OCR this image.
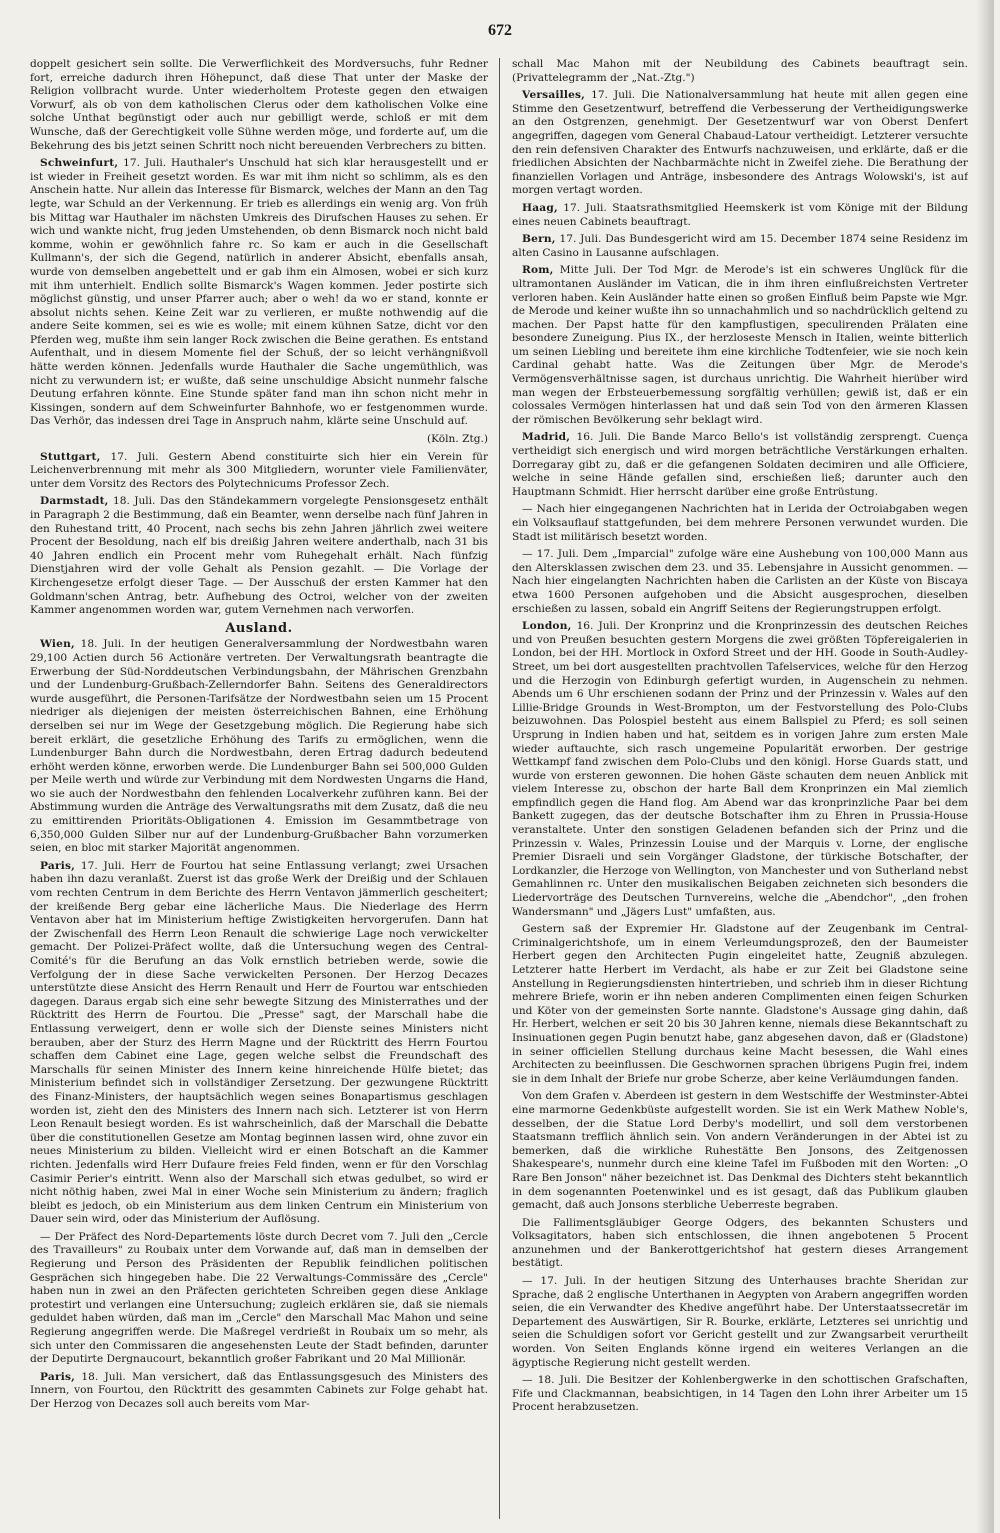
672

doppelt gesichert sein sollte. Die Verwerflichkeit des Mordversuchs, fuhr Redner fort, erreiche dadurch ihren Höhepunct, daß diese That unter der Maske der Religion vollbracht wurde. Unter wiederholtem Proteste gegen den etwaigen Vorwurf, als ob von dem katholischen Clerus oder dem katholischen Volke eine solche Unthat begünstigt oder auch nur gebilligt werde, schloß er mit dem Wunsche, daß der Gerechtigkeit volle Sühne werden möge, und forderte auf, um die Bekehrung des bis jetzt seinen Schritt noch nicht bereuenden Verbrechers zu bitten.

Schweinfurt, 17. Juli. Hauthaler's Unschuld hat sich klar herausgestellt und er ist wieder in Freiheit gesetzt worden. Es war mit ihm nicht so schlimm, als es den Anschein hatte. Nur allein das Interesse für Bismarck, welches der Mann an den Tag legte, war Schuld an der Verkennung. Er trieb es allerdings ein wenig arg. Von früh bis Mittag war Hauthaler im nächsten Umkreis des Dirufschen Hauses zu sehen. Er wich und wankte nicht, frug jeden Umstehenden, ob denn Bismarck noch nicht bald komme, wohin er gewöhnlich fahre rc. So kam er auch in die Gesellschaft Kullmann's, der sich die Gegend, natürlich in anderer Absicht, ebenfalls ansah, wurde von demselben angebettelt und er gab ihm ein Almosen, wobei er sich kurz mit ihm unterhielt. Endlich sollte Bismarck's Wagen kommen. Jeder postirte sich möglichst günstig, und unser Pfarrer auch; aber o weh! da wo er stand, konnte er absolut nichts sehen. Keine Zeit war zu verlieren, er mußte nothwendig auf die andere Seite kommen, sei es wie es wolle; mit einem kühnen Satze, dicht vor den Pferden weg, mußte ihm sein langer Rock zwischen die Beine gerathen. Es entstand Aufenthalt, und in diesem Momente fiel der Schuß, der so leicht verhängnißvoll hätte werden können. Jedenfalls wurde Hauthaler die Sache ungemüthlich, was nicht zu verwundern ist; er wußte, daß seine unschuldige Absicht nunmehr falsche Deutung erfahren könnte. Eine Stunde später fand man ihn schon nicht mehr in Kissingen, sondern auf dem Schweinfurter Bahnhofe, wo er festgenommen wurde. Das Verhör, das indessen drei Tage in Anspruch nahm, klärte seine Unschuld auf.

(Köln. Ztg.)

Stuttgart, 17. Juli. Gestern Abend constituirte sich hier ein Verein für Leichenverbrennung mit mehr als 300 Mitgliedern, worunter viele Familienväter, unter dem Vorsitz des Rectors des Polytechnicums Professor Zech.

Darmstadt, 18. Juli. Das den Ständekammern vorgelegte Pensionsgesetz enthält in Paragraph 2 die Bestimmung, daß ein Beamter, wenn derselbe nach fünf Jahren in den Ruhestand tritt, 40 Procent, nach sechs bis zehn Jahren jährlich zwei weitere Procent der Besoldung, nach elf bis dreißig Jahren weitere anderthalb, nach 31 bis 40 Jahren endlich ein Procent mehr vom Ruhegehalt erhält. Nach fünfzig Dienstjahren wird der volle Gehalt als Pension gezahlt. — Die Vorlage der Kirchengesetze erfolgt dieser Tage. — Der Ausschuß der ersten Kammer hat den Goldmann'schen Antrag, betr. Aufhebung des Octroi, welcher von der zweiten Kammer angenommen worden war, gutem Vernehmen nach verworfen.

Ausland.

Wien, 18. Juli. In der heutigen Generalversammlung der Nordwestbahn waren 29,100 Actien durch 56 Actionäre vertreten. Der Verwaltungsrath beantragte die Erwerbung der Süd-Norddeutschen Verbindungsbahn, der Mährischen Grenzbahn und der Lundenburg-Grußbach-Zellerndorfer Bahn. Seitens des Generaldirectors wurde ausgeführt, die Personen-Tarifsätze der Nordwestbahn seien um 15 Procent niedriger als diejenigen der meisten österreichischen Bahnen, eine Erhöhung derselben sei nur im Wege der Gesetzgebung möglich. Die Regierung habe sich bereit erklärt, die gesetzliche Erhöhung des Tarifs zu ermöglichen, wenn die Lundenburger Bahn durch die Nordwestbahn, deren Ertrag dadurch bedeutend erhöht werden könne, erworben werde. Die Lundenburger Bahn sei 500,000 Gulden per Meile werth und würde zur Verbindung mit dem Nordwesten Ungarns die Hand, wo sie auch der Nordwestbahn den fehlenden Localverkehr zuführen kann. Bei der Abstimmung wurden die Anträge des Verwaltungsraths mit dem Zusatz, daß die neu zu emittirenden Prioritäts-Obligationen 4. Emission im Gesammtbetrage von 6,350,000 Gulden Silber nur auf der Lundenburg-Grußbacher Bahn vorzumerken seien, en bloc mit starker Majorität angenommen.

Paris, 17. Juli. Herr de Fourtou hat seine Entlassung verlangt; zwei Ursachen haben ihn dazu veranlaßt. Zuerst ist das große Werk der Dreißig und der Schlauen vom rechten Centrum in dem Berichte des Herrn Ventavon jämmerlich gescheitert; der kreißende Berg gebar eine lächerliche Maus. Die Niederlage des Herrn Ventavon aber hat im Ministerium heftige Zwistigkeiten hervorgerufen. Dann hat der Zwischenfall des Herrn Leon Renault die schwierige Lage noch verwickelter gemacht. Der Polizei-Präfect wollte, daß die Untersuchung wegen des Central-Comité's für die Berufung an das Volk ernstlich betrieben werde, sowie die Verfolgung der in diese Sache verwickelten Personen. Der Herzog Decazes unterstützte diese Ansicht des Herrn Renault und Herr de Fourtou war entschieden dagegen. Daraus ergab sich eine sehr bewegte Sitzung des Ministerrathes und der Rücktritt des Herrn de Fourtou. Die „Presse" sagt, der Marschall habe die Entlassung verweigert, denn er wolle sich der Dienste seines Ministers nicht berauben, aber der Sturz des Herrn Magne und der Rücktritt des Herrn Fourtou schaffen dem Cabinet eine Lage, gegen welche selbst die Freundschaft des Marschalls für seinen Minister des Innern keine hinreichende Hülfe bietet; das Ministerium befindet sich in vollständiger Zersetzung. Der gezwungene Rücktritt des Finanz-Ministers, der hauptsächlich wegen seines Bonapartismus geschlagen worden ist, zieht den des Ministers des Innern nach sich. Letzterer ist von Herrn Leon Renault besiegt worden. Es ist wahrscheinlich, daß der Marschall die Debatte über die constitutionellen Gesetze am Montag beginnen lassen wird, ohne zuvor ein neues Ministerium zu bilden. Vielleicht wird er einen Botschaft an die Kammer richten. Jedenfalls wird Herr Dufaure freies Feld finden, wenn er für den Vorschlag Casimir Perier's eintritt. Wenn also der Marschall sich etwas gedulbet, so wird er nicht nöthig haben, zwei Mal in einer Woche sein Ministerium zu ändern; fraglich bleibt es jedoch, ob ein Ministerium aus dem linken Centrum ein Ministerium von Dauer sein wird, oder das Ministerium der Auflösung.

— Der Präfect des Nord-Departements löste durch Decret vom 7. Juli den „Cercle des Travailleurs" zu Roubaix unter dem Vorwande auf, daß man in demselben der Regierung und Person des Präsidenten der Republik feindlichen politischen Gesprächen sich hingegeben habe. Die 22 Verwaltungs-Commissäre des „Cercle" haben nun in zwei an den Präfecten gerichteten Schreiben gegen diese Anklage protestirt und verlangen eine Untersuchung; zugleich erklären sie, daß sie niemals geduldet haben würden, daß man im „Cercle" den Marschall Mac Mahon und seine Regierung angegriffen werde. Die Maßregel verdrießt in Roubaix um so mehr, als sich unter den Commissaren die angesehensten Leute der Stadt befinden, darunter der Deputirte Dergnaucourt, bekanntlich großer Fabrikant und 20 Mal Millionär.

Paris, 18. Juli. Man versichert, daß das Entlassungsgesuch des Ministers des Innern, von Fourtou, den Rücktritt des gesammten Cabinets zur Folge gehabt hat. Der Herzog von Decazes soll auch bereits vom Mar-

schall Mac Mahon mit der Neubildung des Cabinets beauftragt sein. (Privattelegramm der „Nat.-Ztg.")

Versailles, 17. Juli. Die Nationalversammlung hat heute mit allen gegen eine Stimme den Gesetzentwurf, betreffend die Verbesserung der Vertheidigungswerke an den Ostgrenzen, genehmigt. Der Gesetzentwurf war von Oberst Denfert angegriffen, dagegen vom General Chabaud-Latour vertheidigt. Letzterer versuchte den rein defensiven Charakter des Entwurfs nachzuweisen, und erklärte, daß er die friedlichen Absichten der Nachbarmächte nicht in Zweifel ziehe. Die Berathung der finanziellen Vorlagen und Anträge, insbesondere des Antrags Wolowski's, ist auf morgen vertagt worden.

Haag, 17. Juli. Staatsrathsmitglied Heemskerk ist vom Könige mit der Bildung eines neuen Cabinets beauftragt.

Bern, 17. Juli. Das Bundesgericht wird am 15. December 1874 seine Residenz im alten Casino in Lausanne aufschlagen.

Rom, Mitte Juli. Der Tod Mgr. de Merode's ist ein schweres Unglück für die ultramontanen Ausländer im Vatican, die in ihm ihren einflußreichsten Vertreter verloren haben. Kein Ausländer hatte einen so großen Einfluß beim Papste wie Mgr. de Merode und keiner wußte ihn so unnachahmlich und so nachdrücklich geltend zu machen. Der Papst hatte für den kampflustigen, speculirenden Prälaten eine besondere Zuneigung. Pius IX., der herzloseste Mensch in Italien, weinte bitterlich um seinen Liebling und bereitete ihm eine kirchliche Todtenfeier, wie sie noch kein Cardinal gehabt hatte. Was die Zeitungen über Mgr. de Merode's Vermögensverhältnisse sagen, ist durchaus unrichtig. Die Wahrheit hierüber wird man wegen der Erbsteuerbemessung sorgfältig verhüllen; gewiß ist, daß er ein colossales Vermögen hinterlassen hat und daß sein Tod von den ärmeren Klassen der römischen Bevölkerung sehr beklagt wird.

Madrid, 16. Juli. Die Bande Marco Bello's ist vollständig zersprengt. Cuença vertheidigt sich energisch und wird morgen beträchtliche Verstärkungen erhalten. Dorregaray gibt zu, daß er die gefangenen Soldaten decimiren und alle Officiere, welche in seine Hände gefallen sind, erschießen ließ; darunter auch den Hauptmann Schmidt. Hier herrscht darüber eine große Entrüstung.

— Nach hier eingegangenen Nachrichten hat in Lerida der Octroiabgaben wegen ein Volksauflauf stattgefunden, bei dem mehrere Personen verwundet wurden. Die Stadt ist militärisch besetzt worden.

— 17. Juli. Dem „Imparcial" zufolge wäre eine Aushebung von 100,000 Mann aus den Altersklassen zwischen dem 23. und 35. Lebensjahre in Aussicht genommen. — Nach hier eingelangten Nachrichten haben die Carlisten an der Küste von Biscaya etwa 1600 Personen aufgehoben und die Absicht ausgesprochen, dieselben erschießen zu lassen, sobald ein Angriff Seitens der Regierungstruppen erfolgt.

London, 16. Juli. Der Kronprinz und die Kronprinzessin des deutschen Reiches und von Preußen besuchten gestern Morgens die zwei größten Töpfereigalerien in London, bei der HH. Mortlock in Oxford Street und der HH. Goode in South-Audley-Street, um bei dort ausgestellten prachtvollen Tafelservices, welche für den Herzog und die Herzogin von Edinburgh gefertigt wurden, in Augenschein zu nehmen. Abends um 6 Uhr erschienen sodann der Prinz und der Prinzessin v. Wales auf den Lillie-Bridge Grounds in West-Brompton, um der Festvorstellung des Polo-Clubs beizuwohnen. Das Polospiel besteht aus einem Ballspiel zu Pferd; es soll seinen Ursprung in Indien haben und hat, seitdem es in vorigen Jahre zum ersten Male wieder auftauchte, sich rasch ungemeine Popularität erworben. Der gestrige Wettkampf fand zwischen dem Polo-Clubs und den königl. Horse Guards statt, und wurde von ersteren gewonnen. Die hohen Gäste schauten dem neuen Anblick mit vielem Interesse zu, obschon der harte Ball dem Kronprinzen ein Mal ziemlich empfindlich gegen die Hand flog. Am Abend war das kronprinzliche Paar bei dem Bankett zugegen, das der deutsche Botschafter ihm zu Ehren in Prussia-House veranstaltete. Unter den sonstigen Geladenen befanden sich der Prinz und die Prinzessin v. Wales, Prinzessin Louise und der Marquis v. Lorne, der englische Premier Disraeli und sein Vorgänger Gladstone, der türkische Botschafter, der Lordkanzler, die Herzoge von Wellington, von Manchester und von Sutherland nebst Gemahlinnen rc. Unter den musikalischen Beigaben zeichneten sich besonders die Liedervorträge des Deutschen Turnvereins, welche die „Abendchor", „den frohen Wandersmann" und „Jägers Lust" umfaßten, aus.

Gestern saß der Expremier Hr. Gladstone auf der Zeugenbank im Central-Criminalgerichtshofe, um in einem Verleumdungsprozeß, den der Baumeister Herbert gegen den Architecten Pugin eingeleitet hatte, Zeugniß abzulegen. Letzterer hatte Herbert im Verdacht, als habe er zur Zeit bei Gladstone seine Anstellung in Regierungsdiensten hintertrieben, und schrieb ihm in dieser Richtung mehrere Briefe, worin er ihn neben anderen Complimenten einen feigen Schurken und Köter von der gemeinsten Sorte nannte. Gladstone's Aussage ging dahin, daß Hr. Herbert, welchen er seit 20 bis 30 Jahren kenne, niemals diese Bekanntschaft zu Insinuationen gegen Pugin benutzt habe, ganz abgesehen davon, daß er (Gladstone) in seiner officiellen Stellung durchaus keine Macht besessen, die Wahl eines Architecten zu beeinflussen. Die Geschwornen sprachen übrigens Pugin frei, indem sie in dem Inhalt der Briefe nur grobe Scherze, aber keine Verläumdungen fanden.

Von dem Grafen v. Aberdeen ist gestern in dem Westschiffe der Westminster-Abtei eine marmorne Gedenkbüste aufgestellt worden. Sie ist ein Werk Mathew Noble's, desselben, der die Statue Lord Derby's modellirt, und soll dem verstorbenen Staatsmann trefflich ähnlich sein. Von andern Veränderungen in der Abtei ist zu bemerken, daß die wirkliche Ruhestätte Ben Jonsons, des Zeitgenossen Shakespeare's, nunmehr durch eine kleine Tafel im Fußboden mit den Worten: „O Rare Ben Jonson" näher bezeichnet ist. Das Denkmal des Dichters steht bekanntlich in dem sogenannten Poetenwinkel und es ist gesagt, daß das Publikum glauben gemacht, daß auch Jonsons sterbliche Ueberreste begraben.

Die Fallimentsgläubiger George Odgers, des bekannten Schusters und Volksagitators, haben sich entschlossen, die ihnen angebotenen 5 Procent anzunehmen und der Bankerottgerichtshof hat gestern dieses Arrangement bestätigt.

— 17. Juli. In der heutigen Sitzung des Unterhauses brachte Sheridan zur Sprache, daß 2 englische Unterthanen in Aegypten von Arabern angegriffen worden seien, die ein Verwandter des Khedive angeführt habe. Der Unterstaatssecretär im Departement des Auswärtigen, Sir R. Bourke, erklärte, Letzteres sei unrichtig und seien die Schuldigen sofort vor Gericht gestellt und zur Zwangsarbeit verurtheilt worden. Von Seiten Englands könne irgend ein weiteres Verlangen an die ägyptische Regierung nicht gestellt werden.

— 18. Juli. Die Besitzer der Kohlenbergwerke in den schottischen Grafschaften, Fife und Clackmannan, beabsichtigen, in 14 Tagen den Lohn ihrer Arbeiter um 15 Procent herabzusetzen.
